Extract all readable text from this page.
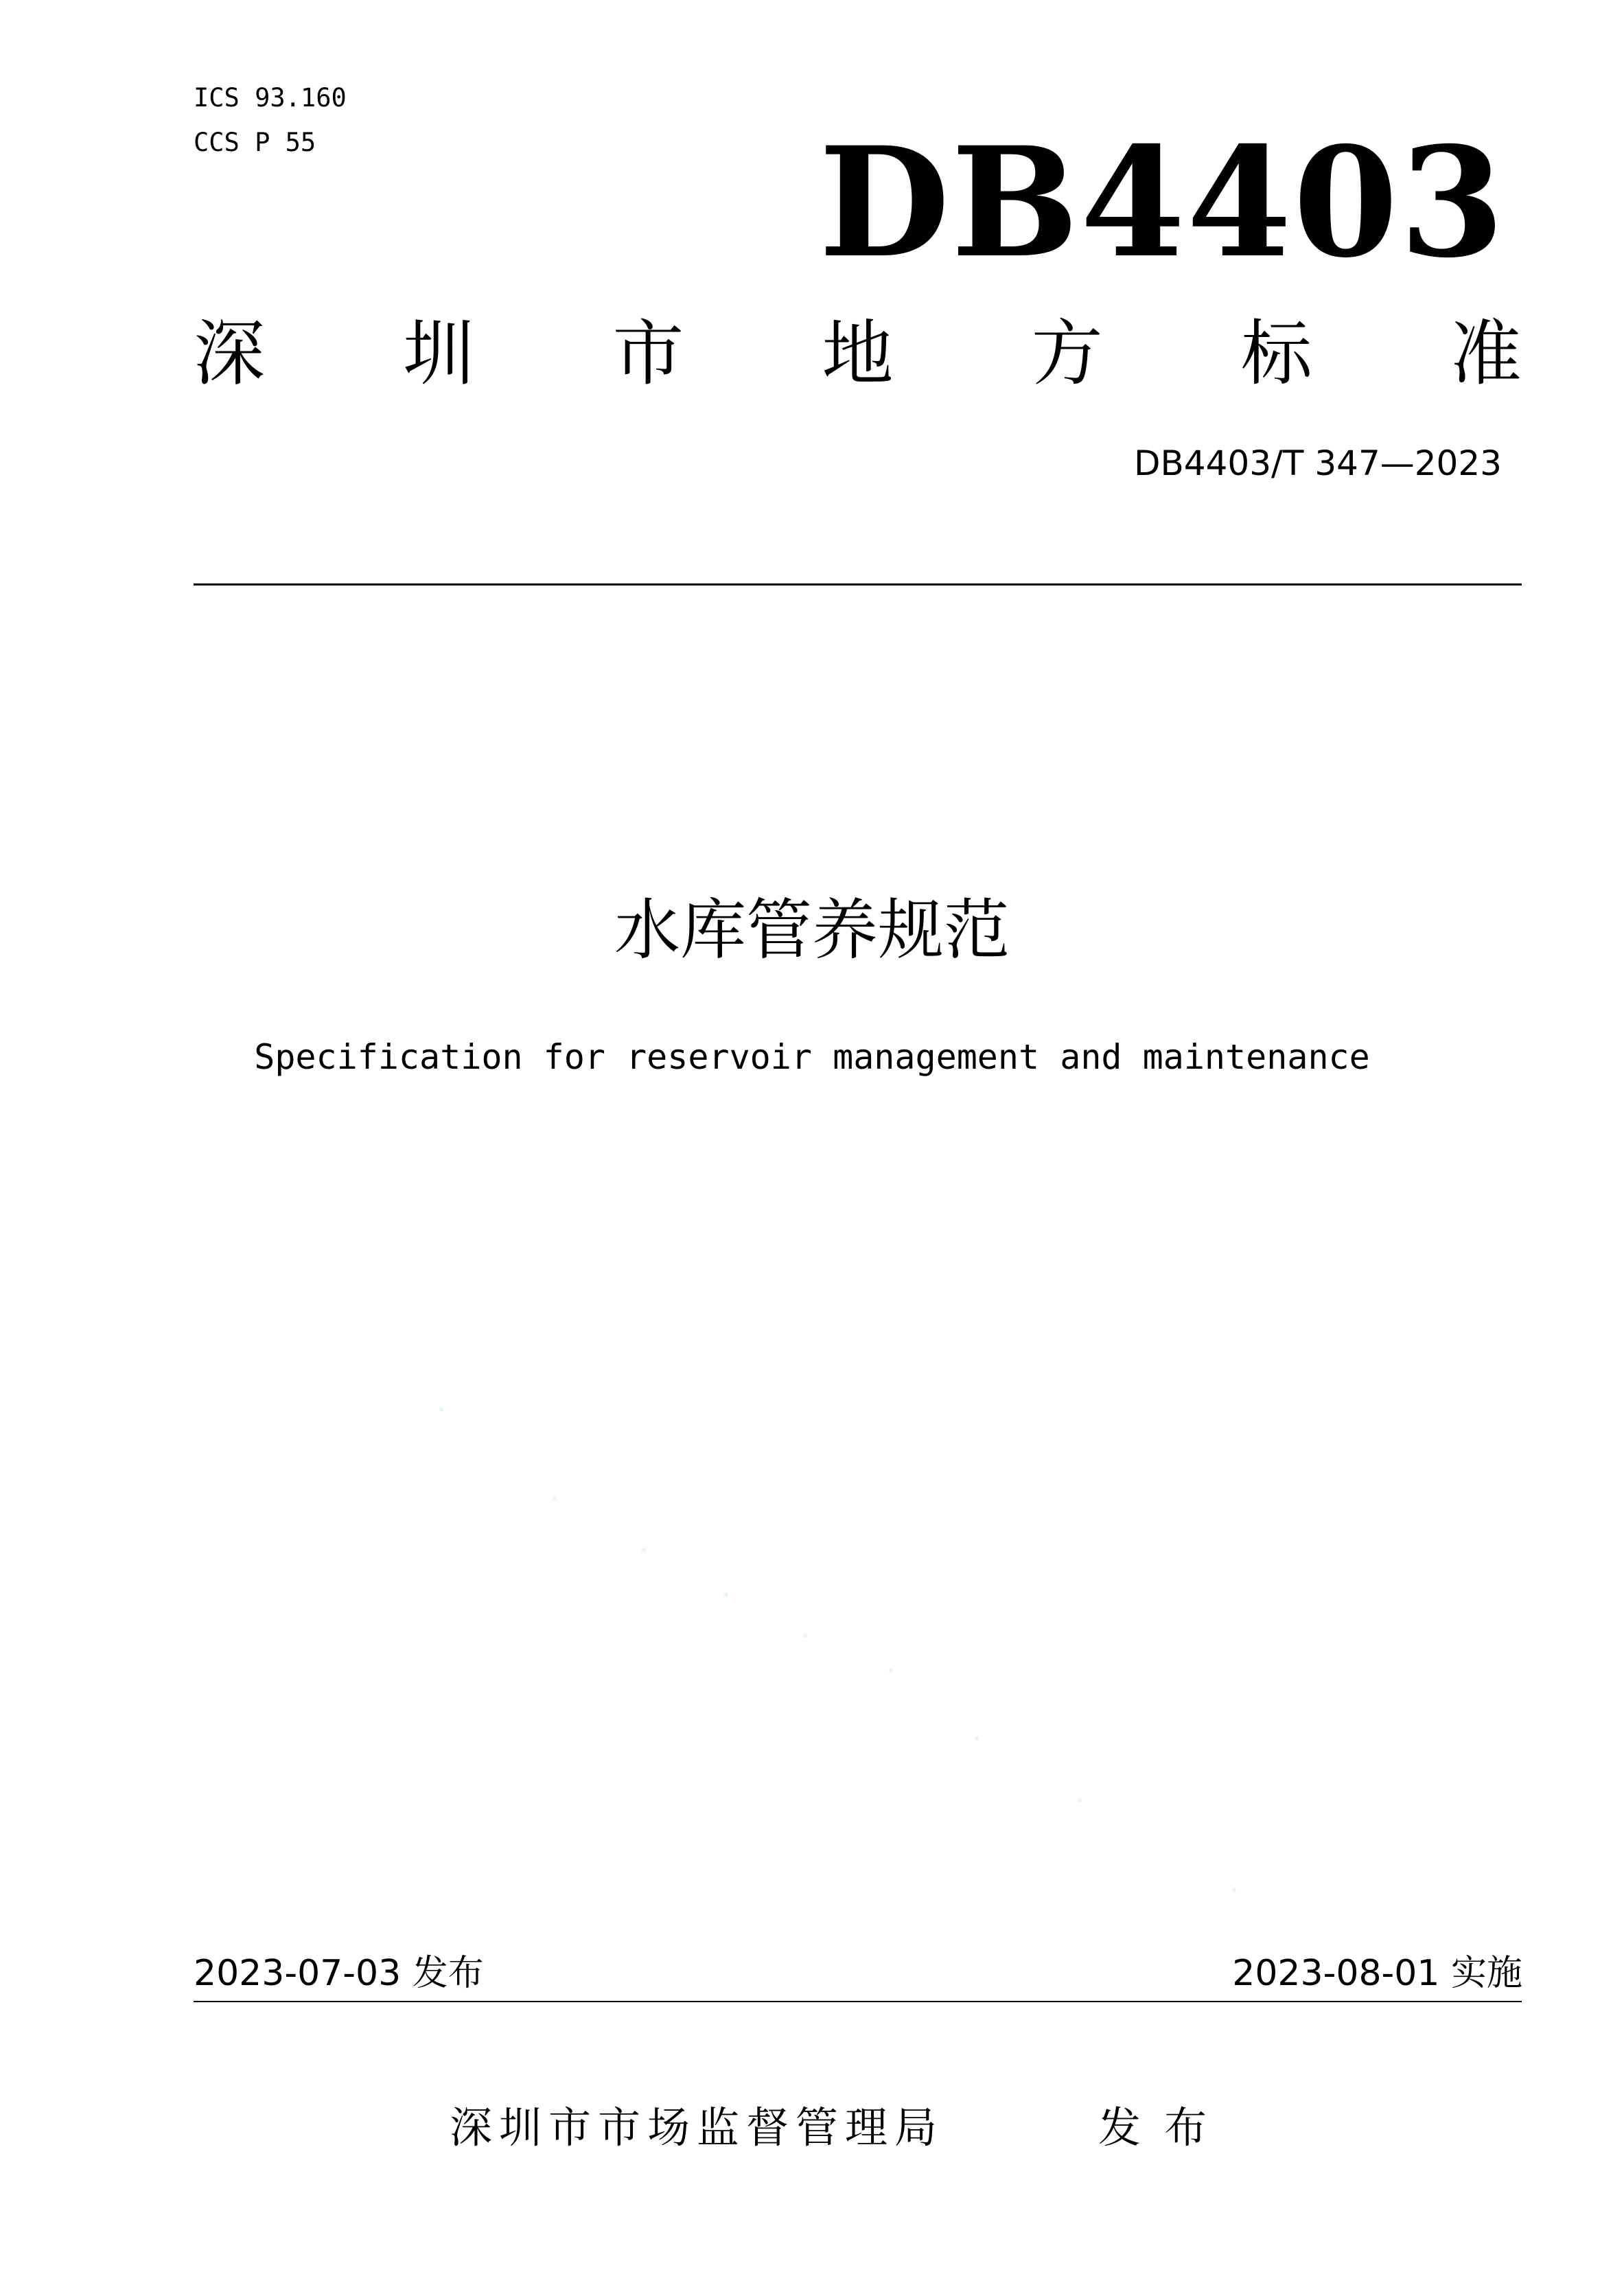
ICS 93.160
CCS P 55	DB4403
深 圳 市 地 方 标 准
DB4403/T 347—2023
水库管养规范
Specification for reservoir management and maintenance
2023-07-03 发布	2023-08-01 实施
深圳市市场监督管理局	发布
